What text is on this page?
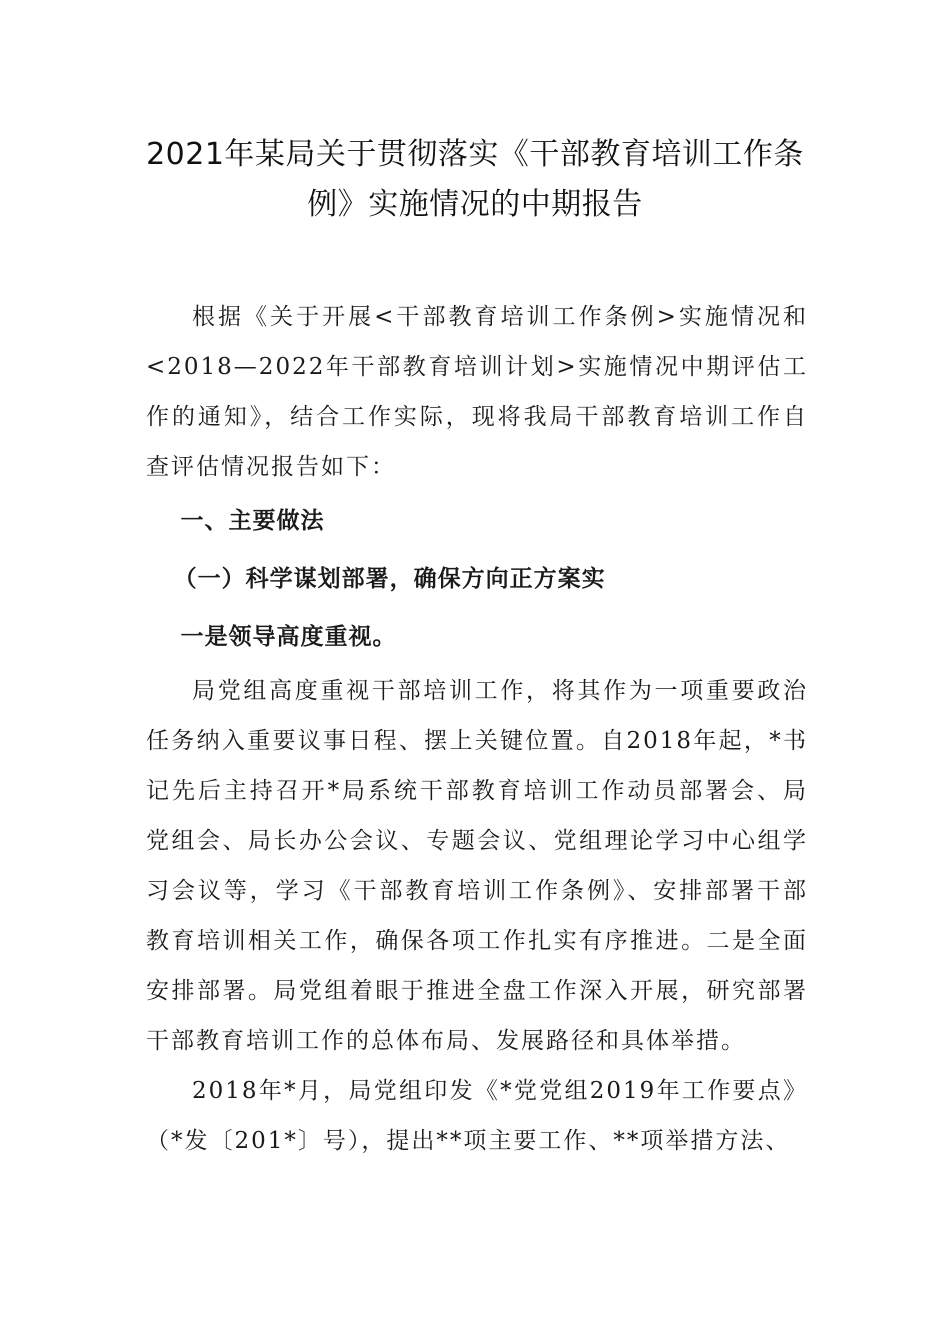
2021年某局关于贯彻落实《干部教育培训工作条
例》实施情况的中期报告

根据《关于开展<干部教育培训工作条例>实施情况和<2018—2022年干部教育培训计划>实施情况中期评估工作的通知》，结合工作实际，现将我局干部教育培训工作自查评估情况报告如下：

一、主要做法

（一）科学谋划部署，确保方向正方案实

一是领导高度重视。

局党组高度重视干部培训工作，将其作为一项重要政治任务纳入重要议事日程、摆上关键位置。自2018年起，*书记先后主持召开*局系统干部教育培训工作动员部署会、局党组会、局长办公会议、专题会议、党组理论学习中心组学习会议等，学习《干部教育培训工作条例》、安排部署干部教育培训相关工作，确保各项工作扎实有序推进。二是全面安排部署。局党组着眼于推进全盘工作深入开展，研究部署干部教育培训工作的总体布局、发展路径和具体举措。

2018年*月，局党组印发《*党党组2019年工作要点》（*发〔201*〕号），提出**项主要工作、**项举措方法、
